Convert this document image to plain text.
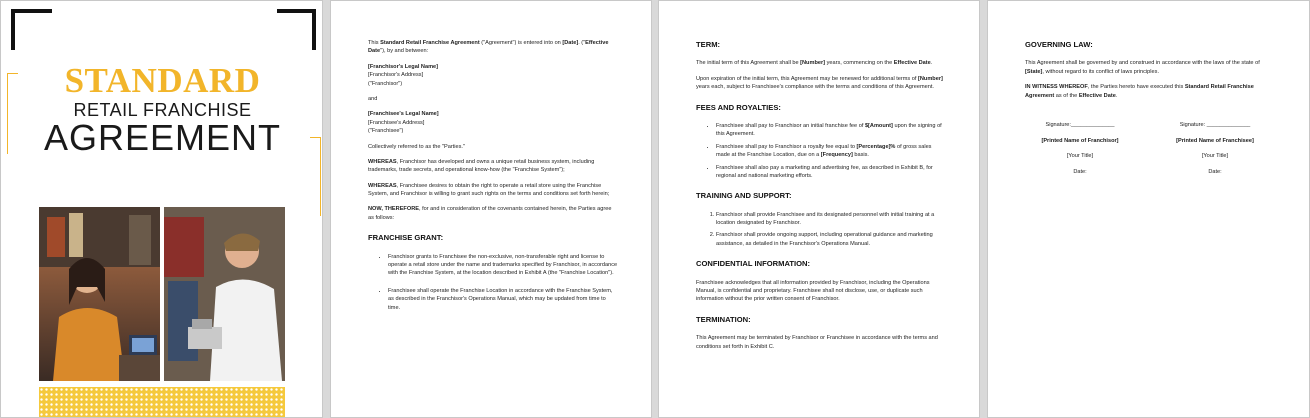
STANDARD
RETAIL FRANCHISE
AGREEMENT

This Standard Retail Franchise Agreement ("Agreement") is entered into on [Date]. ("Effective Date"), by and between:

[Franchisor's Legal Name]
[Franchisor's Address]
("Franchisor")

and

[Franchisee's Legal Name]
[Franchisee's Address]
("Franchisee")

Collectively referred to as the "Parties."

WHEREAS, Franchisor has developed and owns a unique retail business system, including trademarks, trade secrets, and operational know-how (the "Franchise System");

WHEREAS, Franchisee desires to obtain the right to operate a retail store using the Franchise System, and Franchisor is willing to grant such rights on the terms and conditions set forth herein;

NOW, THEREFORE, for and in consideration of the covenants contained herein, the Parties agree as follows:

FRANCHISE GRANT:
• Franchisor grants to Franchisee the non-exclusive, non-transferable right and license to operate a retail store under the name and trademarks specified by Franchisor, in accordance with the Franchise System, at the location described in Exhibit A (the "Franchise Location").
• Franchisee shall operate the Franchise Location in accordance with the Franchise System, as described in the Franchisor's Operations Manual, which may be updated from time to time.
TERM:

The initial term of this Agreement shall be [Number] years, commencing on the Effective Date.

Upon expiration of the initial term, this Agreement may be renewed for additional terms of [Number] years each, subject to Franchisee's compliance with the terms and conditions of this Agreement.

FEES AND ROYALTIES:
• Franchisee shall pay to Franchisor an initial franchise fee of $[Amount] upon the signing of this Agreement.
• Franchisee shall pay to Franchisor a royalty fee equal to [Percentage]% of gross sales made at the Franchise Location, due on a [Frequency] basis.
• Franchisee shall also pay a marketing and advertising fee, as described in Exhibit B, for regional and national marketing efforts.
TRAINING AND SUPPORT:
1. Franchisor shall provide Franchisee and its designated personnel with initial training at a location designated by Franchisor.
2. Franchisor shall provide ongoing support, including operational guidance and marketing assistance, as detailed in the Franchisor's Operations Manual.
CONFIDENTIAL INFORMATION:

Franchisee acknowledges that all information provided by Franchisor, including the Operations Manual, is confidential and proprietary. Franchisee shall not disclose, use, or duplicate such information without the prior written consent of Franchisor.

TERMINATION:

This Agreement may be terminated by Franchisor or Franchisee in accordance with the terms and conditions set forth in Exhibit C.

GOVERNING LAW:

This Agreement shall be governed by and construed in accordance with the laws of the state of [State], without regard to its conflict of laws principles.

IN WITNESS WHEREOF, the Parties hereto have executed this Standard Retail Franchise Agreement as of the Effective Date.

Signature:______________
[Printed Name of Franchisor]
[Your Title]
Date:
Signature: ______________
[Printed Name of Franchisee]
[Your Title]
Date:
